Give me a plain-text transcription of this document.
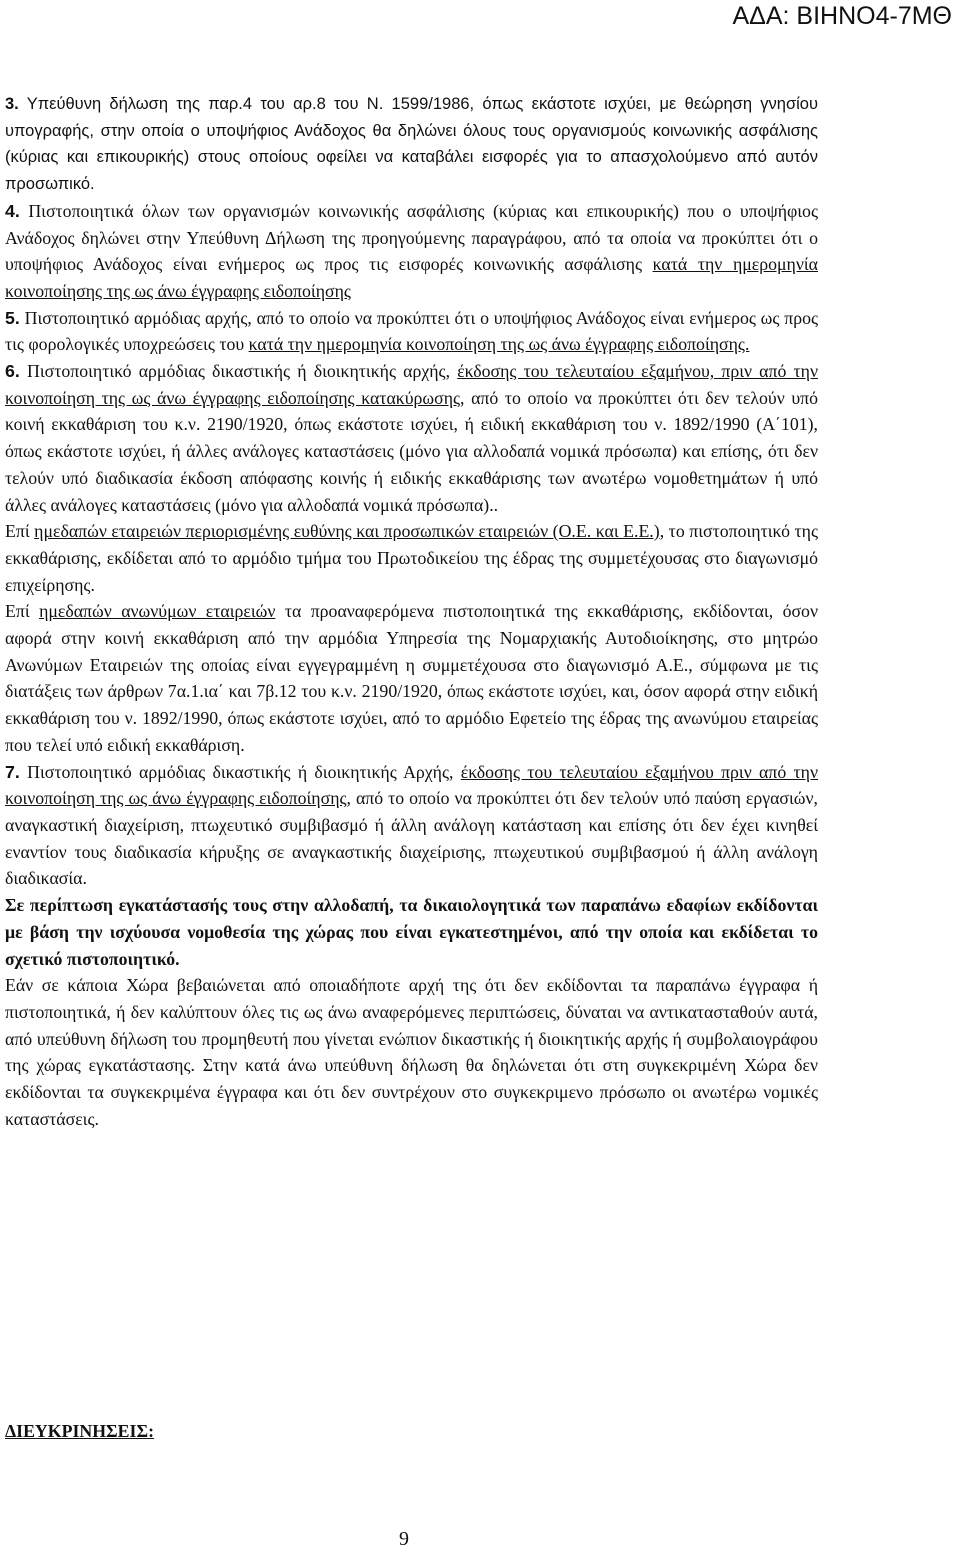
ΑΔΑ: ΒΙΗΝΟ4-7ΜΘ

3. Υπεύθυνη δήλωση της παρ.4 του αρ.8 του Ν. 1599/1986, όπως εκάστοτε ισχύει, με θεώρηση γνησίου υπογραφής, στην οποία ο υποψήφιος Ανάδοχος θα δηλώνει όλους τους οργανισμούς κοινωνικής ασφάλισης (κύριας και επικουρικής) στους οποίους οφείλει να καταβάλει εισφορές για το απασχολούμενο από αυτόν προσωπικό.

4. Πιστοποιητικά όλων των οργανισμών κοινωνικής ασφάλισης (κύριας και επικουρικής) που ο υποψήφιος Ανάδοχος δηλώνει στην Υπεύθυνη Δήλωση της προηγούμενης παραγράφου, από τα οποία να προκύπτει ότι ο υποψήφιος Ανάδοχος είναι ενήμερος ως προς τις εισφορές κοινωνικής ασφάλισης κατά την ημερομηνία κοινοποίησης της ως άνω έγγραφης ειδοποίησης

5. Πιστοποιητικό αρμόδιας αρχής, από το οποίο να προκύπτει ότι ο υποψήφιος Ανάδοχος είναι ενήμερος ως προς τις φορολογικές υποχρεώσεις του κατά την ημερομηνία κοινοποίηση της ως άνω έγγραφης ειδοποίησης.

6. Πιστοποιητικό αρμόδιας δικαστικής ή διοικητικής αρχής, έκδοσης του τελευταίου εξαμήνου, πριν από την κοινοποίηση της ως άνω έγγραφης ειδοποίησης κατακύρωσης, από το οποίο να προκύπτει ότι δεν τελούν υπό κοινή εκκαθάριση του κ.ν. 2190/1920, όπως εκάστοτε ισχύει, ή ειδική εκκαθάριση του ν. 1892/1990 (Α΄101), όπως εκάστοτε ισχύει, ή άλλες ανάλογες καταστάσεις (μόνο για αλλοδαπά νομικά πρόσωπα) και επίσης, ότι δεν τελούν υπό διαδικασία έκδοση απόφασης κοινής ή ειδικής εκκαθάρισης των ανωτέρω νομοθετημάτων ή υπό άλλες ανάλογες καταστάσεις (μόνο για αλλοδαπά νομικά πρόσωπα)..

Επί ημεδαπών εταιρειών περιορισμένης ευθύνης και προσωπικών εταιρειών (Ο.Ε. και Ε.Ε.), το πιστοποιητικό της εκκαθάρισης, εκδίδεται από το αρμόδιο τμήμα του Πρωτοδικείου της έδρας της συμμετέχουσας στο διαγωνισμό επιχείρησης.

Επί ημεδαπών ανωνύμων εταιρειών τα προαναφερόμενα πιστοποιητικά της εκκαθάρισης, εκδίδονται, όσον αφορά στην κοινή εκκαθάριση από την αρμόδια Υπηρεσία της Νομαρχιακής Αυτοδιοίκησης, στο μητρώο Ανωνύμων Εταιρειών της οποίας είναι εγγεγραμμένη η συμμετέχουσα στο διαγωνισμό Α.Ε., σύμφωνα με τις διατάξεις των άρθρων 7α.1.ια΄ και 7β.12 του κ.ν. 2190/1920, όπως εκάστοτε ισχύει, και, όσον αφορά στην ειδική εκκαθάριση του ν. 1892/1990, όπως εκάστοτε ισχύει, από το αρμόδιο Εφετείο της έδρας της ανωνύμου εταιρείας που τελεί υπό ειδική εκκαθάριση.

7. Πιστοποιητικό αρμόδιας δικαστικής ή διοικητικής Αρχής, έκδοσης του τελευταίου εξαμήνου πριν από την κοινοποίηση της ως άνω έγγραφης ειδοποίησης, από το οποίο να προκύπτει ότι δεν τελούν υπό παύση εργασιών, αναγκαστική διαχείριση, πτωχευτικό συμβιβασμό ή άλλη ανάλογη κατάσταση και επίσης ότι δεν έχει κινηθεί εναντίον τους διαδικασία κήρυξης σε αναγκαστικής διαχείρισης, πτωχευτικού συμβιβασμού ή άλλη ανάλογη διαδικασία.

Σε περίπτωση εγκατάστασής τους στην αλλοδαπή, τα δικαιολογητικά των παραπάνω εδαφίων εκδίδονται με βάση την ισχύουσα νομοθεσία της χώρας που είναι εγκατεστημένοι, από την οποία και εκδίδεται το σχετικό πιστοποιητικό.

Εάν σε κάποια Χώρα βεβαιώνεται από οποιαδήποτε αρχή της ότι δεν εκδίδονται τα παραπάνω έγγραφα ή πιστοποιητικά, ή δεν καλύπτουν όλες τις ως άνω αναφερόμενες περιπτώσεις, δύναται να αντικατασταθούν αυτά, από υπεύθυνη δήλωση του προμηθευτή που γίνεται ενώπιον δικαστικής ή διοικητικής αρχής ή συμβολαιογράφου της χώρας εγκατάστασης. Στην κατά άνω υπεύθυνη δήλωση θα δηλώνεται ότι στη συγκεκριμένη Χώρα δεν εκδίδονται τα συγκεκριμένα έγγραφα και ότι δεν συντρέχουν στο συγκεκριμενο πρόσωπο οι ανωτέρω νομικές καταστάσεις.

ΔΙΕΥΚΡΙΝΗΣΕΙΣ:
9
